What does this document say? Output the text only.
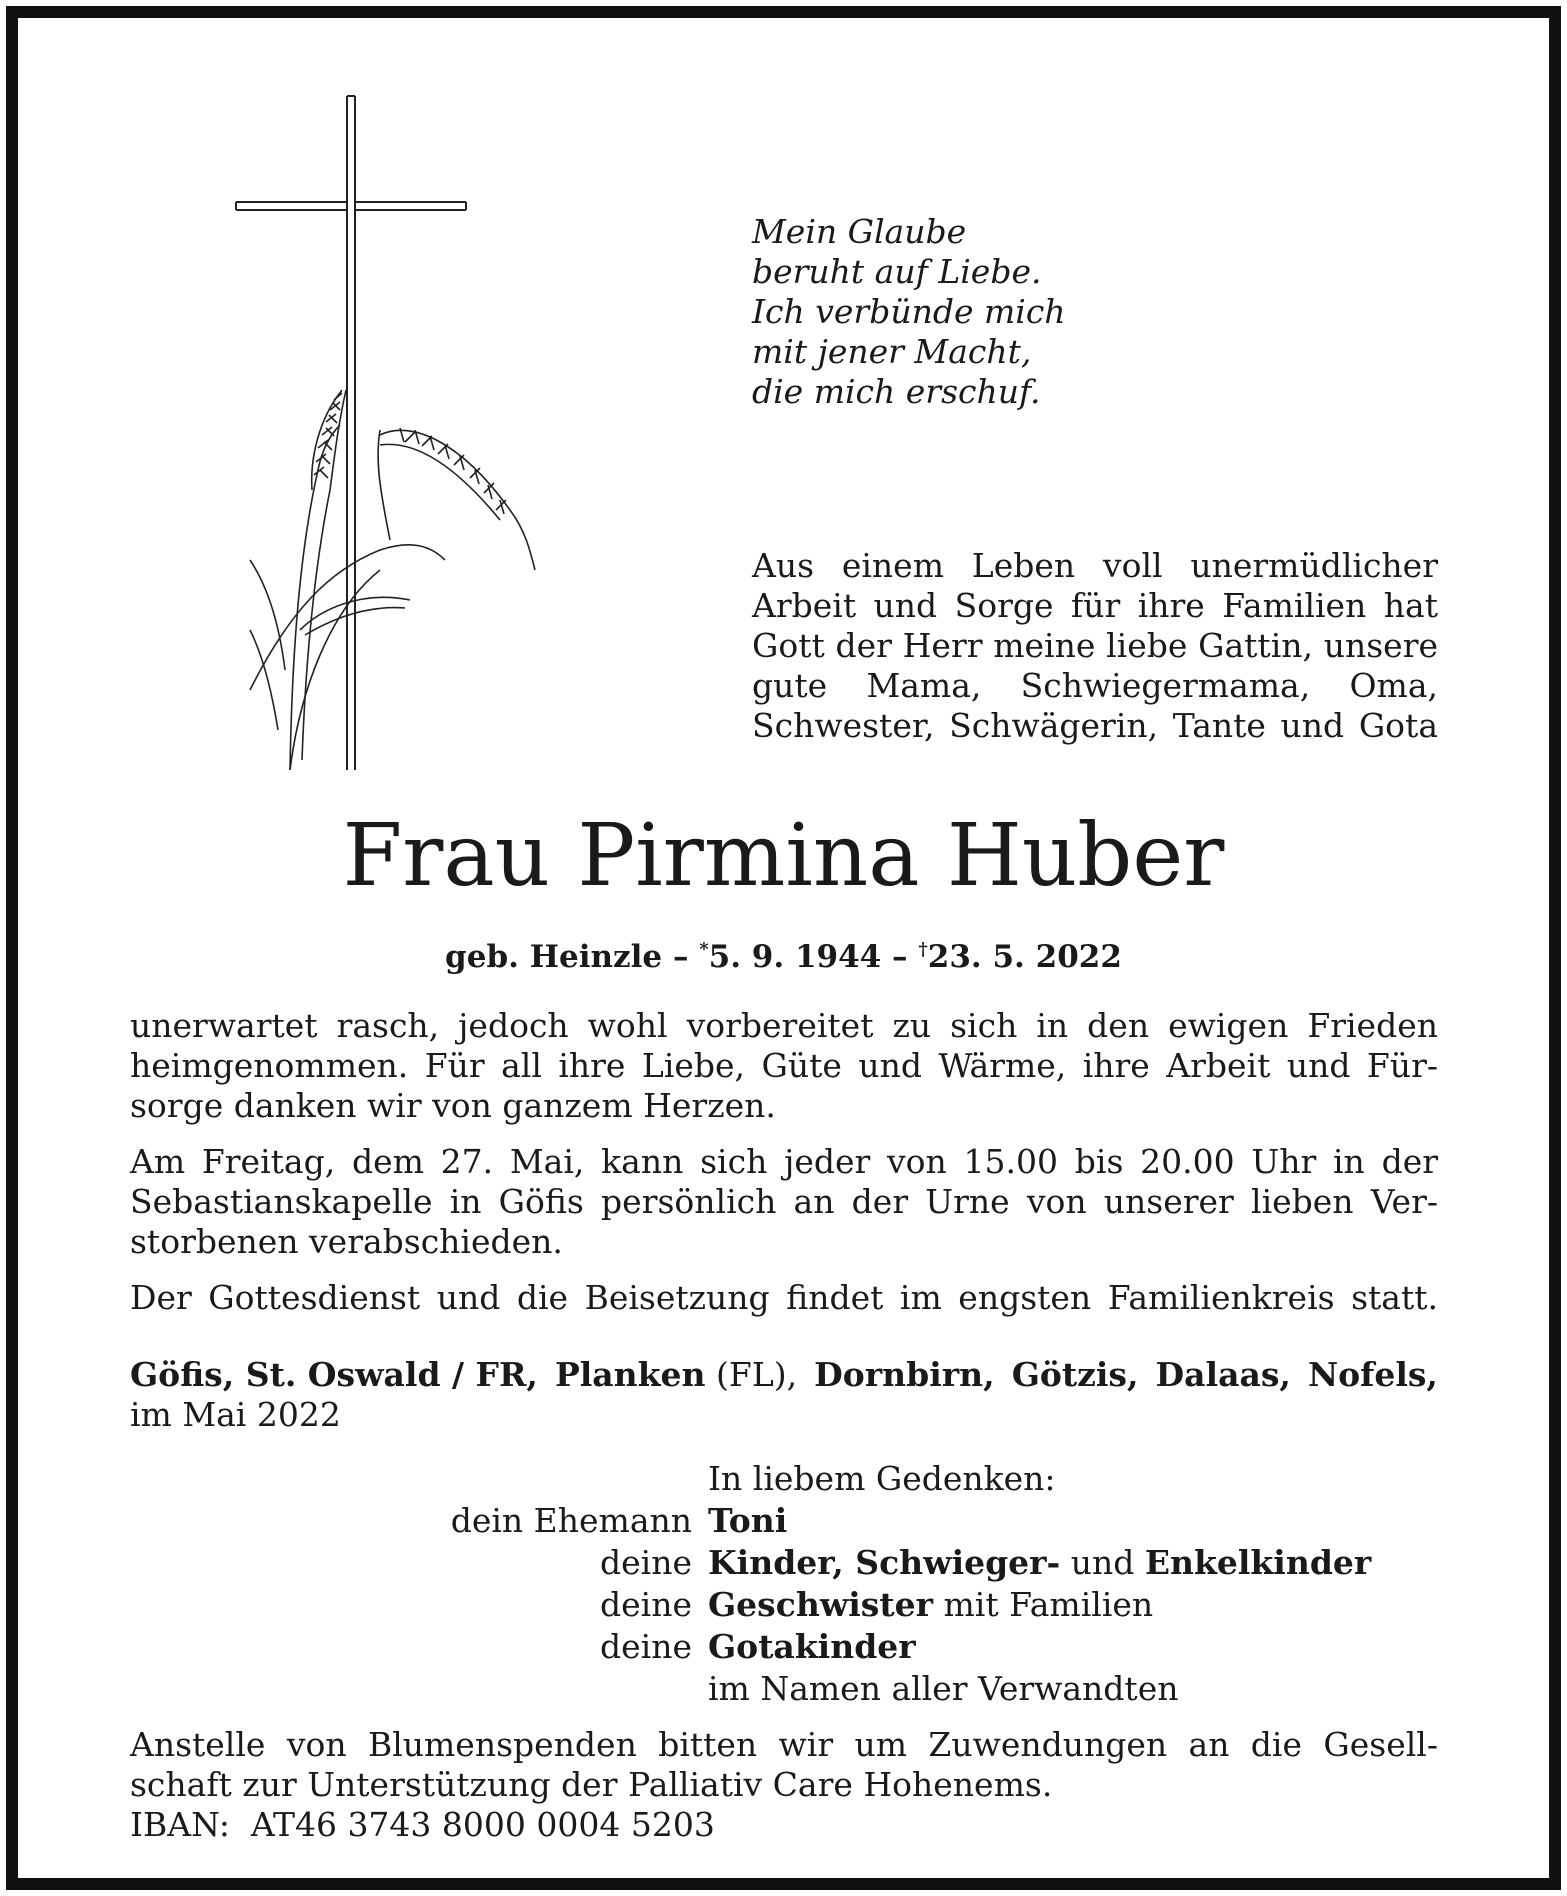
Mein Glaube
beruht auf Liebe.
Ich verbünde mich
mit jener Macht,
die mich erschuf.
Aus einem Leben voll unermüdlicher
Arbeit und Sorge für ihre Familien hat
Gott der Herr meine liebe Gattin, unsere
gute Mama, Schwiegermama, Oma,
Schwester, Schwägerin, Tante und Gota
Frau Pirmina Huber
geb. Heinzle – *5. 9. 1944 – †23. 5. 2022
unerwartet rasch, jedoch wohl vorbereitet zu sich in den ewigen Frieden
heimgenommen. Für all ihre Liebe, Güte und Wärme, ihre Arbeit und Für-
sorge danken wir von ganzem Herzen.
Am Freitag, dem 27. Mai, kann sich jeder von 15.00 bis 20.00 Uhr in der
Sebastianskapelle in Göfis persönlich an der Urne von unserer lieben Ver-
storbenen verabschieden.
Der Gottesdienst und die Beisetzung findet im engsten Familienkreis statt.
Göfis, St. Oswald / FR, Planken (FL), Dornbirn, Götzis, Dalaas, Nofels,
im Mai 2022
In liebem Gedenken:
dein Ehemann Toni
deine Kinder, Schwieger- und Enkelkinder
deine Geschwister mit Familien
deine Gotakinder
im Namen aller Verwandten
Anstelle von Blumenspenden bitten wir um Zuwendungen an die Gesell-
schaft zur Unterstützung der Palliativ Care Hohenems.
IBAN: AT46 3743 8000 0004 5203
